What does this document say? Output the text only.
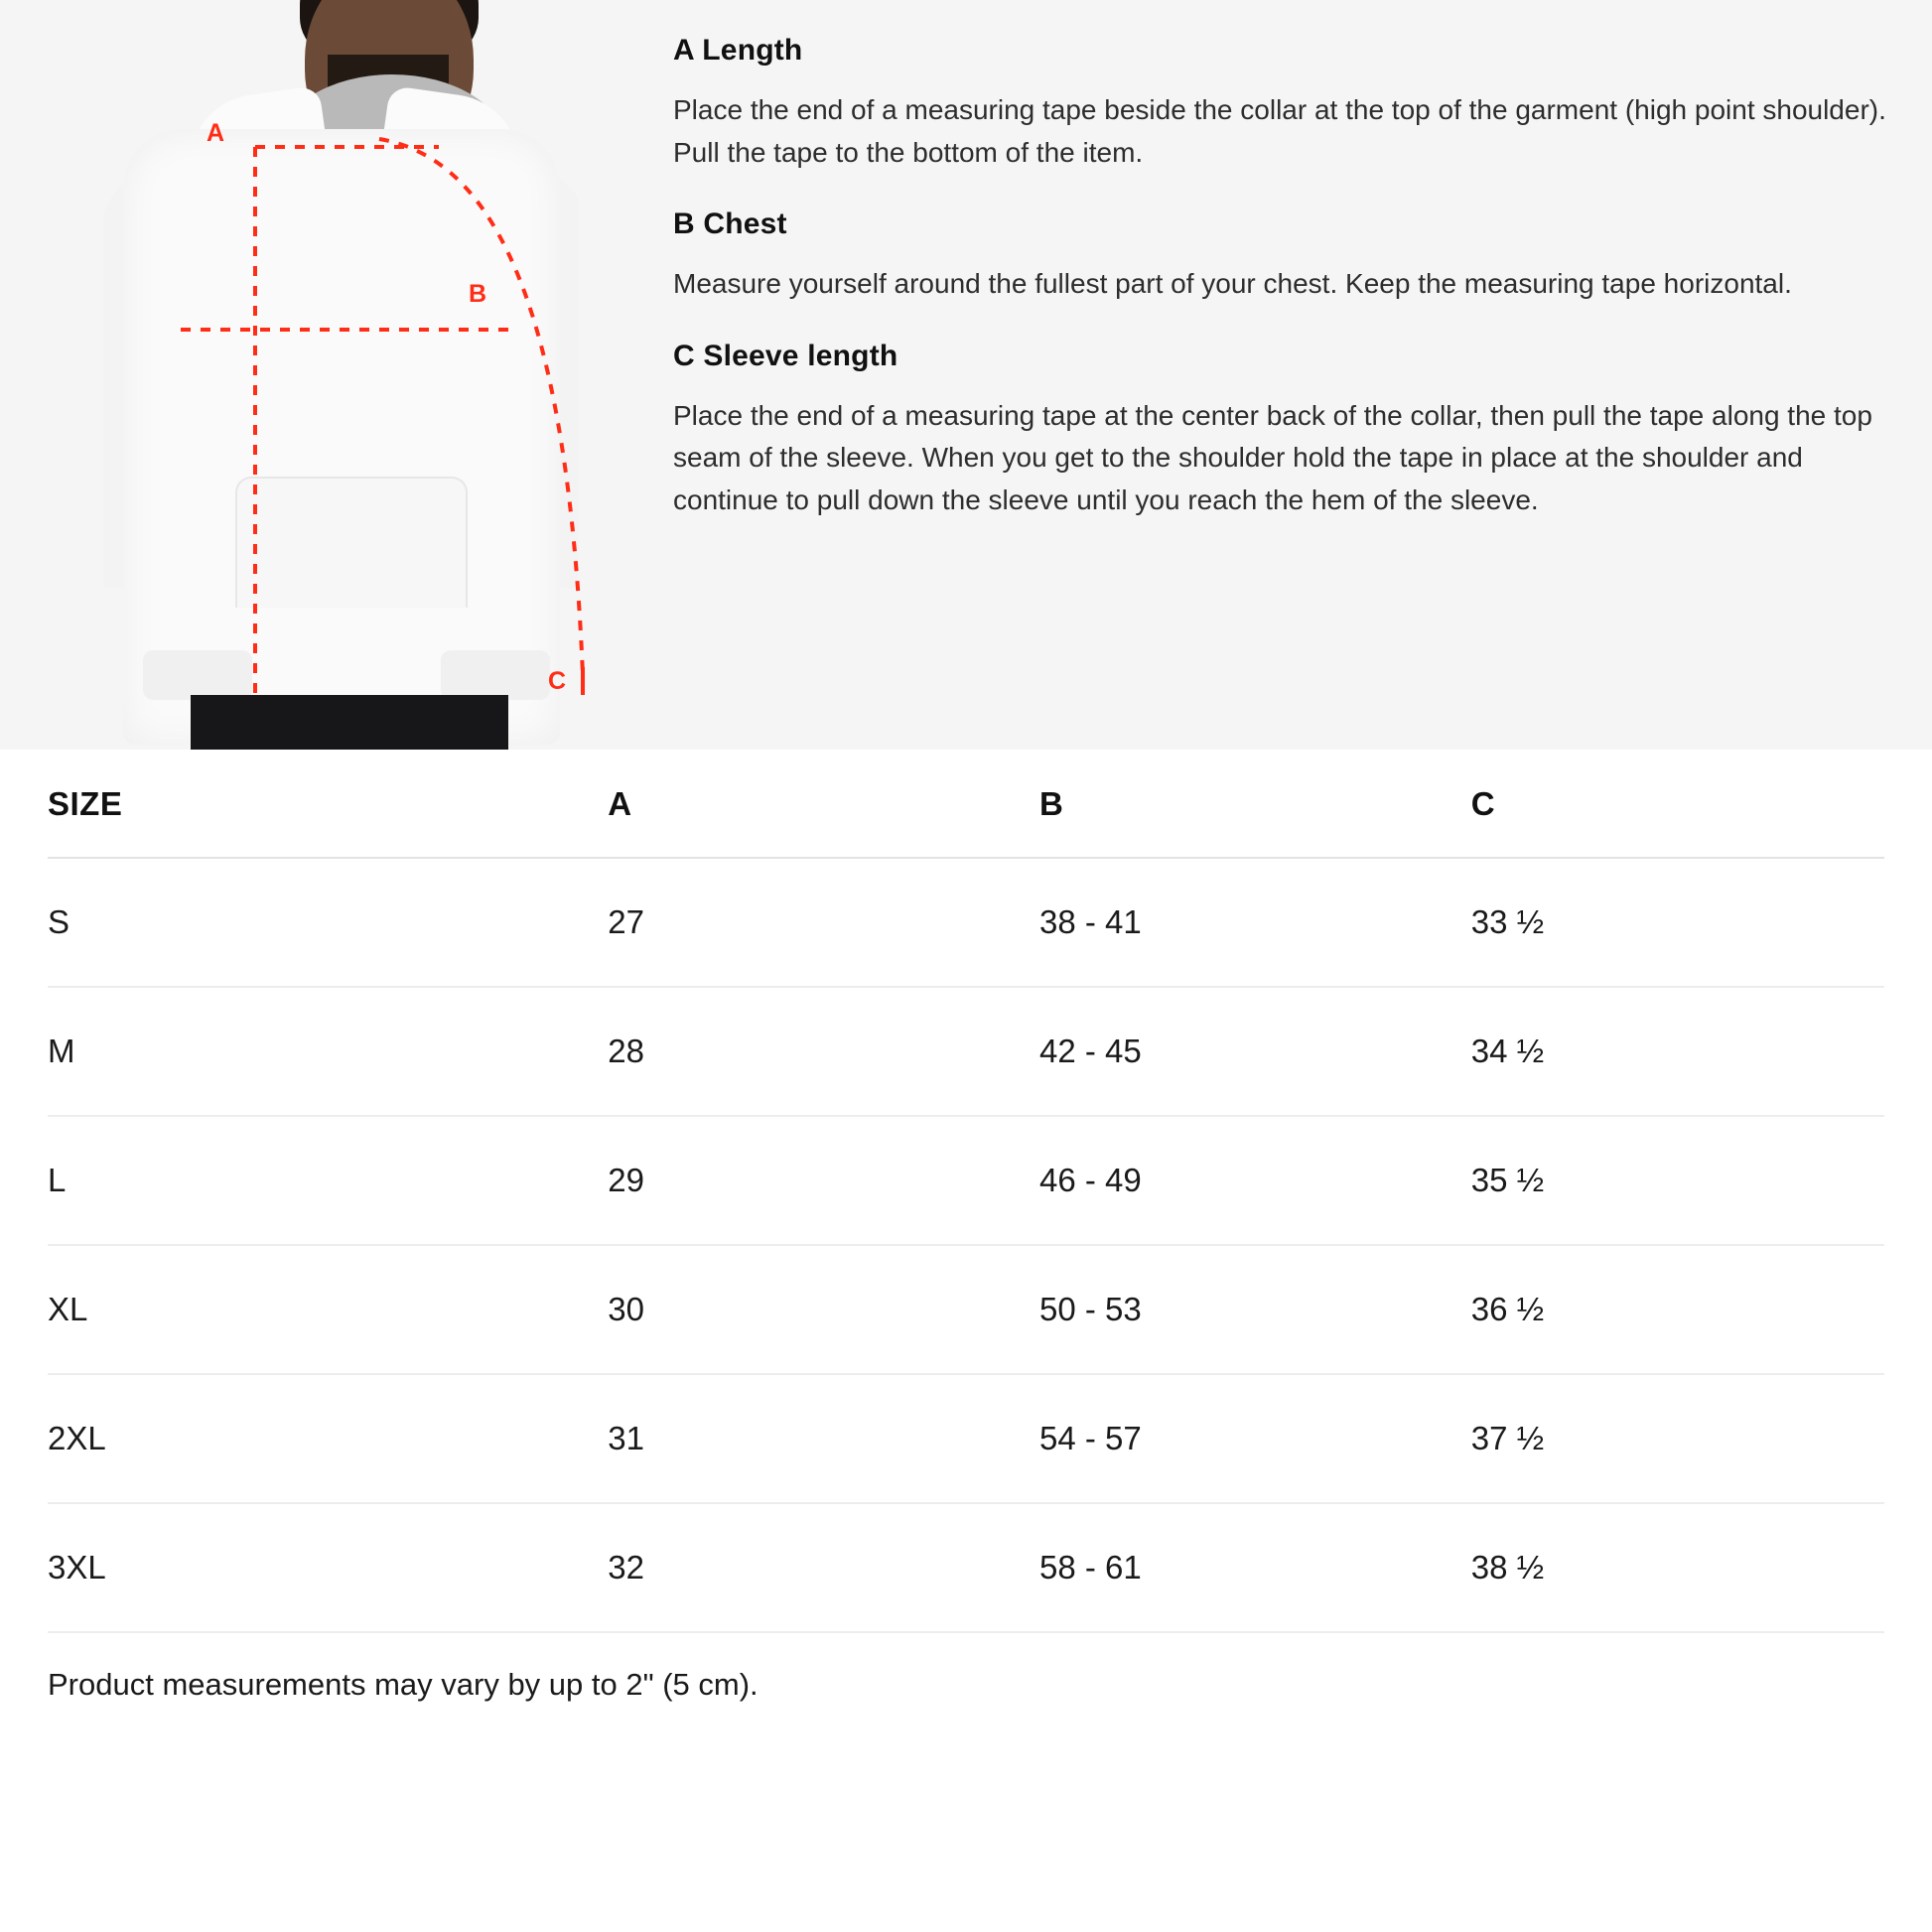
A
B
C
A Length

Place the end of a measuring tape beside the collar at the top of the garment (high point shoulder). Pull the tape to the bottom of the item.

B Chest

Measure yourself around the fullest part of your chest. Keep the measuring tape horizontal.

C Sleeve length

Place the end of a measuring tape at the center back of the collar, then pull the tape along the top seam of the sleeve. When you get to the shoulder hold the tape in place at the shoulder and continue to pull down the sleeve until you reach the hem of the sleeve.

SIZE	A	B	C
S	27	38 - 41	33 ½
M	28	42 - 45	34 ½
L	29	46 - 49	35 ½
XL	30	50 - 53	36 ½
2XL	31	54 - 57	37 ½
3XL	32	58 - 61	38 ½
Product measurements may vary by up to 2" (5 cm).
